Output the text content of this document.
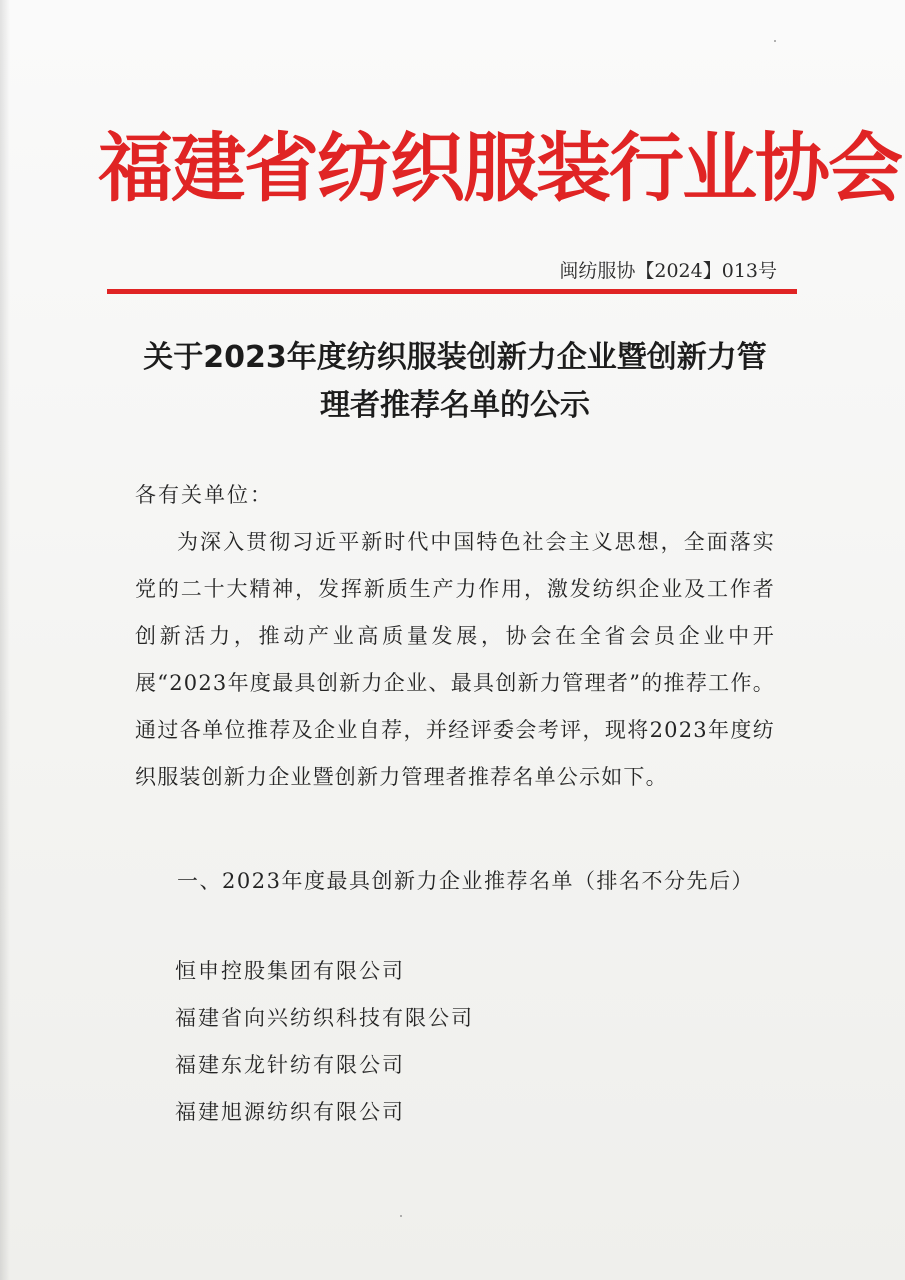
福建省纺织服装行业协会
闽纺服协【2024】013号
关于2023年度纺织服装创新力企业暨创新力管理者推荐名单的公示
各有关单位：
为深入贯彻习近平新时代中国特色社会主义思想，全面落实党的二十大精神，发挥新质生产力作用，激发纺织企业及工作者创新活力，推动产业高质量发展，协会在全省会员企业中开展“2023年度最具创新力企业、最具创新力管理者”的推荐工作。通过各单位推荐及企业自荐，并经评委会考评，现将2023年度纺织服装创新力企业暨创新力管理者推荐名单公示如下。
一、2023年度最具创新力企业推荐名单（排名不分先后）
恒申控股集团有限公司
福建省向兴纺织科技有限公司
福建东龙针纺有限公司
福建旭源纺织有限公司
